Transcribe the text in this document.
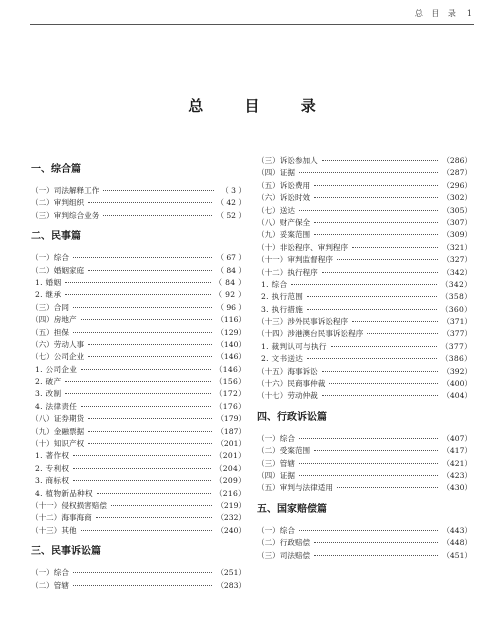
总 目 录 1
总 目 录
一、综合篇
（一）司法解释工作	（ 3 ）
（二）审判组织	（ 42 ）
（三）审判综合业务	（ 52 ）
二、民事篇
（一）综合	（ 67 ）
（二）婚姻家庭	（ 84 ）
1. 婚姻	（ 84 ）
2. 继承	（ 92 ）
（三）合同	（ 96 ）
（四）房地产	（116）
（五）担保	（129）
（六）劳动人事	（140）
（七）公司企业	（146）
1. 公司企业	（146）
2. 破产	（156）
3. 改制	（172）
4. 法律责任	（176）
（八）证券期货	（179）
（九）金融票据	（187）
（十）知识产权	（201）
1. 著作权	（201）
2. 专利权	（204）
3. 商标权	（209）
4. 植物新品种权	（216）
（十一）侵权损害赔偿	（219）
（十二）海事海商	（232）
（十三）其他	（240）
三、民事诉讼篇
（一）综合	（251）
（二）管辖	（283）
（三）诉讼参加人	（286）
（四）证据	（287）
（五）诉讼费用	（296）
（六）诉讼时效	（302）
（七）送达	（305）
（八）财产保全	（307）
（九）妥案范围	（309）
（十）非讼程序、审判程序	（321）
（十一）审判监督程序	（327）
（十二）执行程序	（342）
1. 综合	（342）
2. 执行范围	（358）
3. 执行措施	（360）
（十三）涉外民事诉讼程序	（371）
（十四）涉港澳台民事诉讼程序	（377）
1. 裁判认可与执行	（377）
2. 文书送达	（386）
（十五）海事诉讼	（392）
（十六）民商事仲裁	（400）
（十七）劳动仲裁	（404）
四、行政诉讼篇
（一）综合	（407）
（二）受案范围	（417）
（三）管辖	（421）
（四）证据	（423）
（五）审判与法律适用	（430）
五、国家赔偿篇
（一）综合	（443）
（二）行政赔偿	（448）
（三）司法赔偿	（451）
